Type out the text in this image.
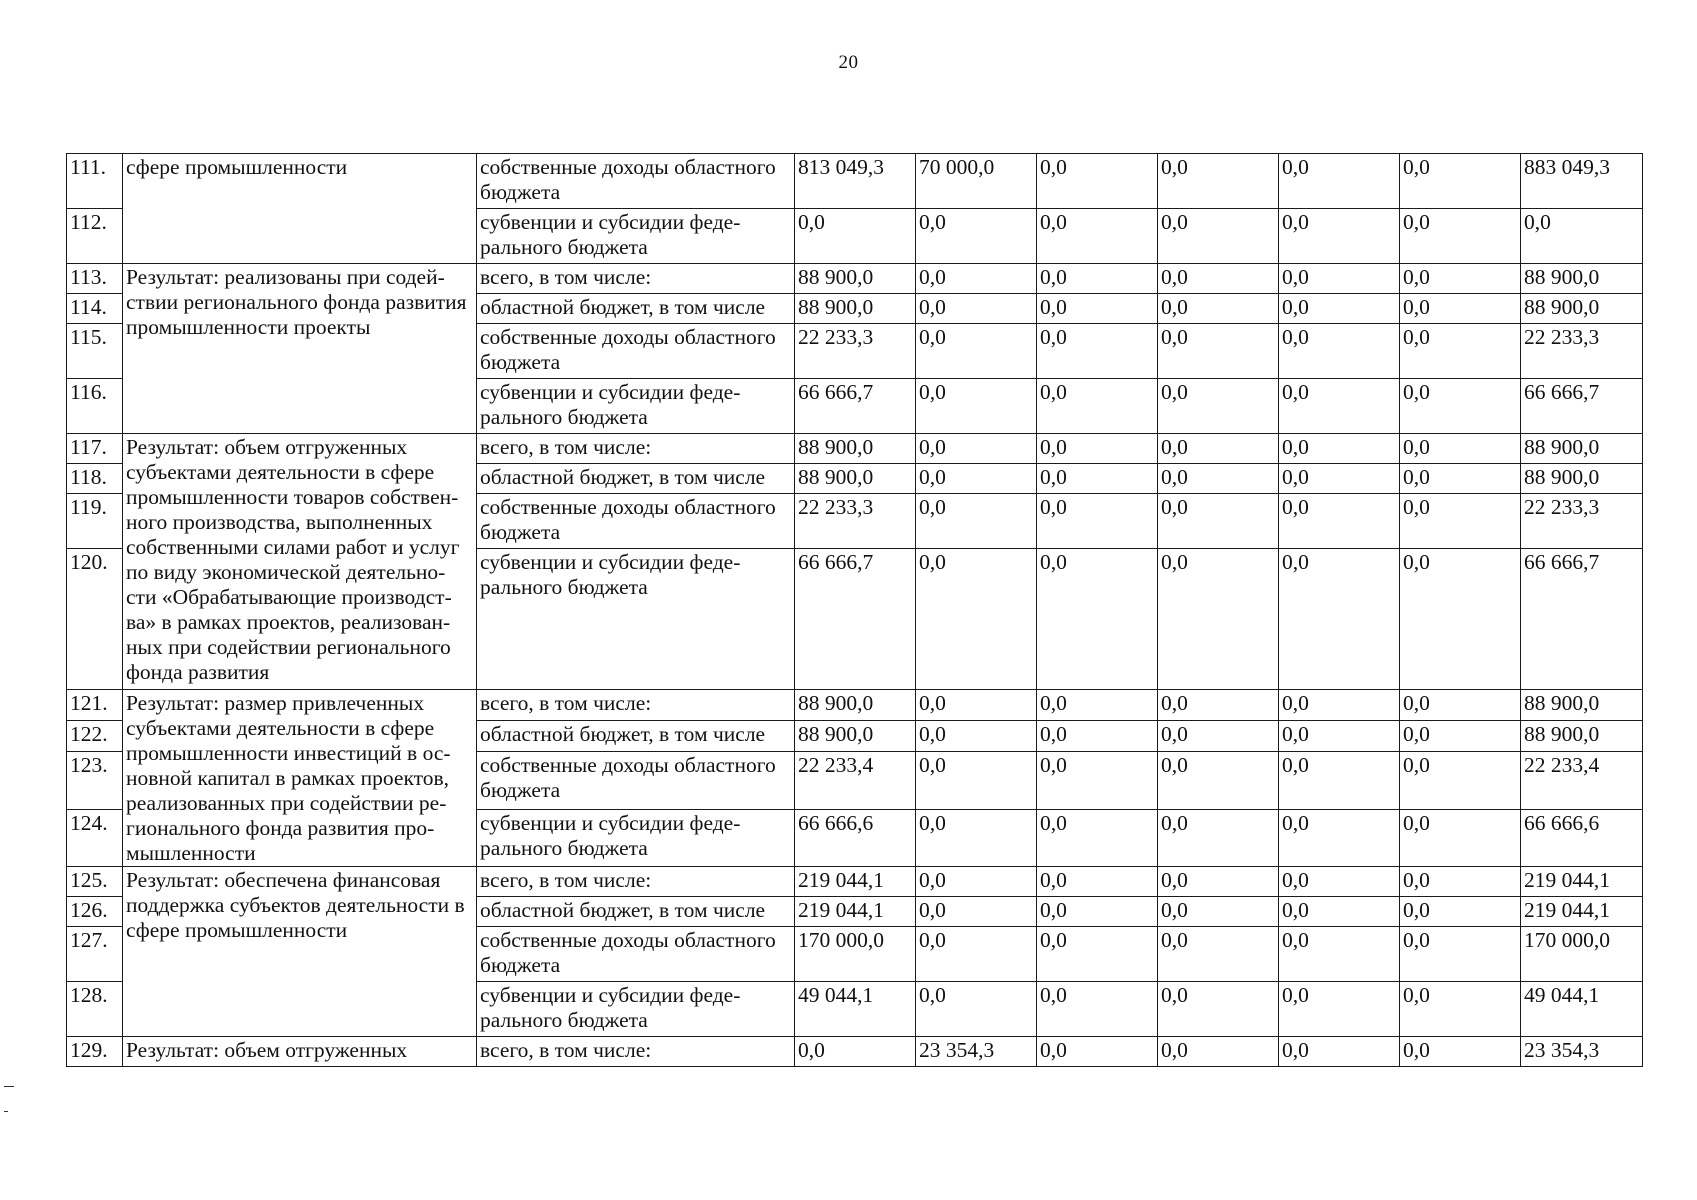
20
111.	сфере промышленности	собственные доходы областного бюджета	813 049,3	70 000,0	0,0	0,0	0,0	0,0	883 049,3
112.		субвенции и субсидии феде-рального бюджета	0,0	0,0	0,0	0,0	0,0	0,0	0,0
113.	Результат: реализованы при содей-ствии регионального фонда развития промышленности проекты	всего, в том числе:	88 900,0	0,0	0,0	0,0	0,0	0,0	88 900,0
114.		областной бюджет, в том числе	88 900,0	0,0	0,0	0,0	0,0	0,0	88 900,0
115.		собственные доходы областного бюджета	22 233,3	0,0	0,0	0,0	0,0	0,0	22 233,3
116.		субвенции и субсидии феде-рального бюджета	66 666,7	0,0	0,0	0,0	0,0	0,0	66 666,7
117.	Результат: объем отгруженных субъектами деятельности в сфере промышленности товаров собствен-ного производства, выполненных собственными силами работ и услуг по виду экономической деятельно-сти «Обрабатывающие производст-ва» в рамках проектов, реализован-ных при содействии регионального фонда развития	всего, в том числе:	88 900,0	0,0	0,0	0,0	0,0	0,0	88 900,0
118.		областной бюджет, в том числе	88 900,0	0,0	0,0	0,0	0,0	0,0	88 900,0
119.		собственные доходы областного бюджета	22 233,3	0,0	0,0	0,0	0,0	0,0	22 233,3
120.		субвенции и субсидии феде-рального бюджета	66 666,7	0,0	0,0	0,0	0,0	0,0	66 666,7
121.	Результат: размер привлеченных субъектами деятельности в сфере промышленности инвестиций в ос-новной капитал в рамках проектов, реализованных при содействии ре-гионального фонда развития про-мышленности	всего, в том числе:	88 900,0	0,0	0,0	0,0	0,0	0,0	88 900,0
122.		областной бюджет, в том числе	88 900,0	0,0	0,0	0,0	0,0	0,0	88 900,0
123.		собственные доходы областного бюджета	22 233,4	0,0	0,0	0,0	0,0	0,0	22 233,4
124.		субвенции и субсидии феде-рального бюджета	66 666,6	0,0	0,0	0,0	0,0	0,0	66 666,6
125.	Результат: обеспечена финансовая поддержка субъектов деятельности в сфере промышленности	всего, в том числе:	219 044,1	0,0	0,0	0,0	0,0	0,0	219 044,1
126.		областной бюджет, в том числе	219 044,1	0,0	0,0	0,0	0,0	0,0	219 044,1
127.		собственные доходы областного бюджета	170 000,0	0,0	0,0	0,0	0,0	0,0	170 000,0
128.		субвенции и субсидии феде-рального бюджета	49 044,1	0,0	0,0	0,0	0,0	0,0	49 044,1
129.	Результат: объем отгруженных	всего, в том числе:	0,0	23 354,3	0,0	0,0	0,0	0,0	23 354,3
